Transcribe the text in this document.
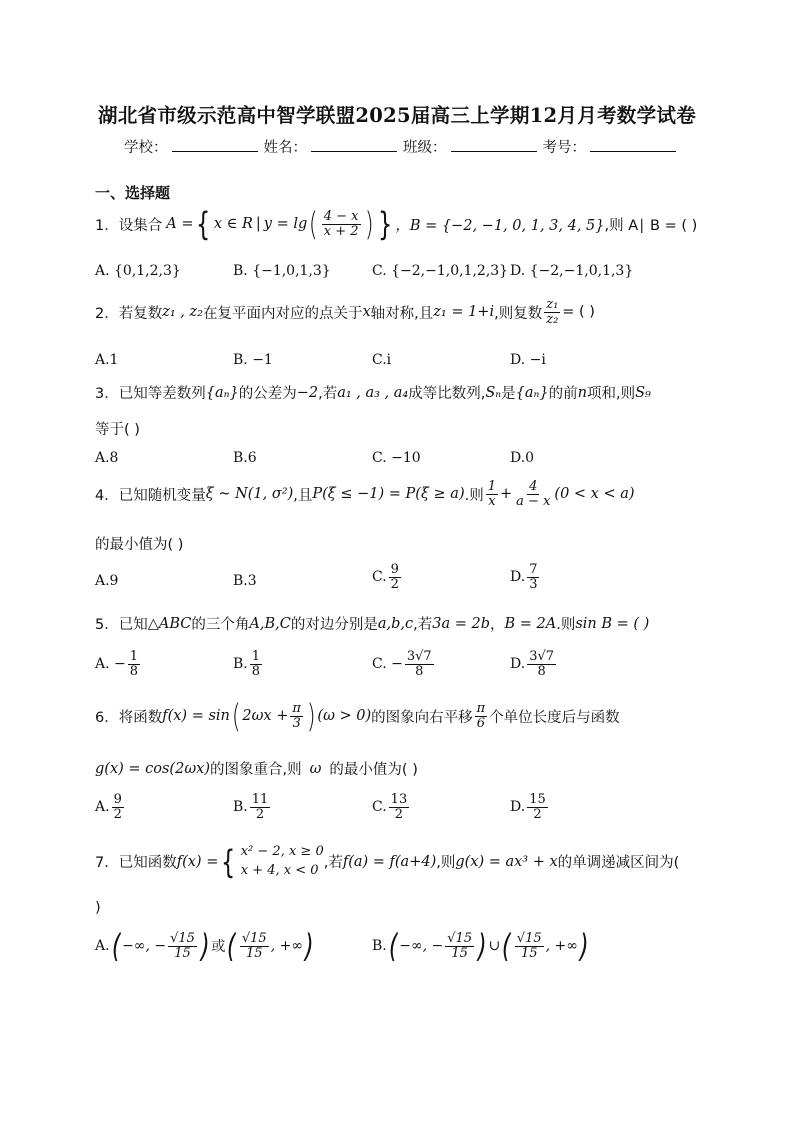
湖北省市级示范高中智学联盟2025届高三上学期12月月考数学试卷
学校：	姓名：	班级：	考号：
一、选择题
1． 设集合 A = { x ∈ R | y = lg ( $\frac{4 - x}{x + 2}$ ) } ，B = {−2, −1, 0, 1, 3, 4, 5} ,则 A∣ B = ( )
A. {0,1,2,3}	B. {−1,0,1,3}	C. {−2,−1,0,1,2,3} D. {−2,−1,0,1,3}
2． 若复数 z₁ , z₂ 在复平面内对应的点关于 x 轴对称,且 z₁ = 1+i ,则复数 $\frac{\text{z₁}}{\text{z₂}}$ = ( )
A.1	B. −1	C.i	D. −i
3． 已知等差数列 {aₙ} 的公差为 −2 ,若 a₁ , a₃ , a₄ 成等比数列, Sₙ 是 {aₙ} 的前 n 项和,则 S₉
等于( )
A.8	B.6	C. −10	D.0
4． 已知随机变量 ξ ~ N(1, σ²) ,且 P(ξ ≤ −1) = P(ξ ≥ a) .则 $\frac{1}{x} + \frac{4}{a - x} (0 < x < a)$
的最小值为( )
A.9	B.3	C. $\frac{9}{2}$	D. $\frac{7}{3}$
5． 已知 △ABC 的三个角 A,B,C 的对边分别是 a,b,c ,若 3a = 2b ， B = 2A .则 sin B = ( )
A. − $\frac{1}{8}$	B. $\frac{1}{8}$	C. − $\frac{3√7}{8}$	D. $\frac{3√7}{8}$
6． 将函数 f(x) = sin ( $2\omega x + \frac{\pi}{3}$ ) (ω > 0) 的图象向右平移 $\frac{\pi}{6}$ 个单位长度后与函数
g(x) = cos(2ωx) 的图象重合,则 ω 的最小值为( )
A. $\frac{9}{2}$	B. $\frac{11}{2}$	C. $\frac{13}{2}$	D. $\frac{15}{2}$
7． 已知函数 f(x) = { x² − 2, x ≥ 0
x + 4, x < 0 ,若 f(a) = f(a+4) ,则 g(x) = ax³ + x 的单调递减区间为(
)
A. ( −∞, − $\frac{√15}{15}$ ) 或 ( $\frac{√15}{15}$ , +∞ )	B. ( −∞, − $\frac{√15}{15}$ ) ∪ ( $\frac{√15}{15}$ , +∞ )
